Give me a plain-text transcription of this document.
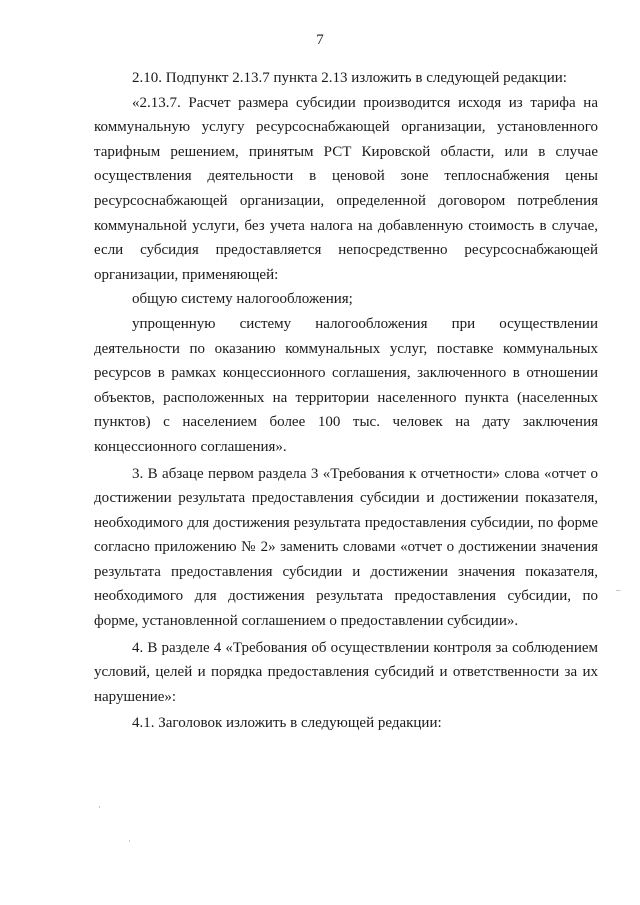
7

2.10. Подпункт 2.13.7 пункта 2.13 изложить в следующей редакции:

«2.13.7. Расчет размера субсидии производится исходя из тарифа на коммунальную услугу ресурсоснабжающей организации, установленного тарифным решением, принятым РСТ Кировской области, или в случае осуществления деятельности в ценовой зоне теплоснабжения цены ресурсоснабжающей организации, определенной договором потребления коммунальной услуги, без учета налога на добавленную стоимость в случае, если субсидия предоставляется непосредственно ресурсоснабжающей организации, применяющей:

общую систему налогообложения;

упрощенную систему налогообложения при осуществлении деятельности по оказанию коммунальных услуг, поставке коммунальных ресурсов в рамках концессионного соглашения, заключенного в отношении объектов, расположенных на территории населенного пункта (населенных пунктов) с населением более 100 тыс. человек на дату заключения концессионного соглашения».

3. В абзаце первом раздела 3 «Требования к отчетности» слова «отчет о достижении результата предоставления субсидии и достижении показателя, необходимого для достижения результата предоставления субсидии, по форме согласно приложению № 2» заменить словами «отчет о достижении значения результата предоставления субсидии и достижении значения показателя, необходимого для достижения результата предоставления субсидии, по форме, установленной соглашением о предоставлении субсидии».

4. В разделе 4 «Требования об осуществлении контроля за соблюдением условий, целей и порядка предоставления субсидий и ответственности за их нарушение»:

4.1. Заголовок изложить в следующей редакции:

–
·
·
